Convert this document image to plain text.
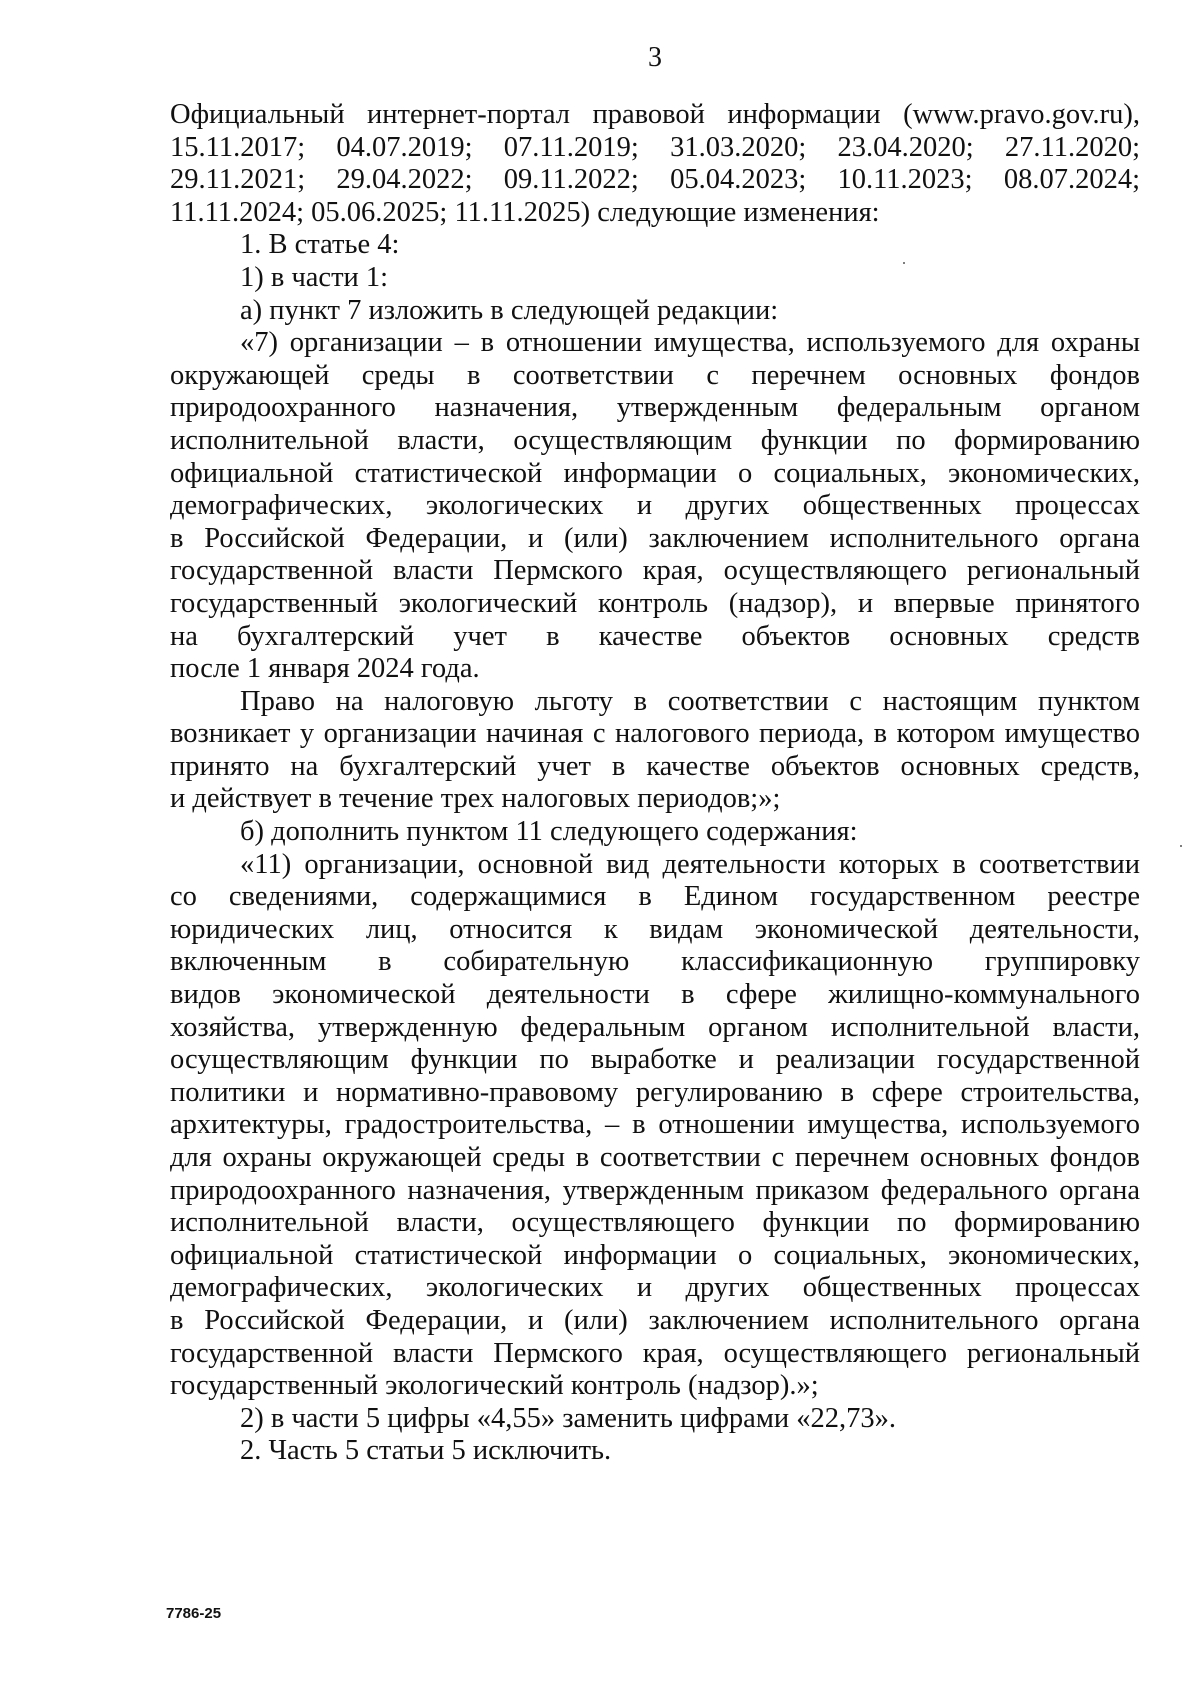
3
Официальный интернет-портал правовой информации (www.pravo.gov.ru),
15.11.2017; 04.07.2019; 07.11.2019; 31.03.2020; 23.04.2020; 27.11.2020;
29.11.2021; 29.04.2022; 09.11.2022; 05.04.2023; 10.11.2023; 08.07.2024;
11.11.2024; 05.06.2025; 11.11.2025) следующие изменения:
1. В статье 4:
1) в части 1:
а) пункт 7 изложить в следующей редакции:
«7) организации – в отношении имущества, используемого для охраны
окружающей среды в соответствии с перечнем основных фондов
природоохранного назначения, утвержденным федеральным органом
исполнительной власти, осуществляющим функции по формированию
официальной статистической информации о социальных, экономических,
демографических, экологических и других общественных процессах
в Российской Федерации, и (или) заключением исполнительного органа
государственной власти Пермского края, осуществляющего региональный
государственный экологический контроль (надзор), и впервые принятого
на бухгалтерский учет в качестве объектов основных средств
после 1 января 2024 года.
Право на налоговую льготу в соответствии с настоящим пунктом
возникает у организации начиная с налогового периода, в котором имущество
принято на бухгалтерский учет в качестве объектов основных средств,
и действует в течение трех налоговых периодов;»;
б) дополнить пунктом 11 следующего содержания:
«11) организации, основной вид деятельности которых в соответствии
со сведениями, содержащимися в Едином государственном реестре
юридических лиц, относится к видам экономической деятельности,
включенным в собирательную классификационную группировку
видов экономической деятельности в сфере жилищно-коммунального
хозяйства, утвержденную федеральным органом исполнительной власти,
осуществляющим функции по выработке и реализации государственной
политики и нормативно-правовому регулированию в сфере строительства,
архитектуры, градостроительства, – в отношении имущества, используемого
для охраны окружающей среды в соответствии с перечнем основных фондов
природоохранного назначения, утвержденным приказом федерального органа
исполнительной власти, осуществляющего функции по формированию
официальной статистической информации о социальных, экономических,
демографических, экологических и других общественных процессах
в Российской Федерации, и (или) заключением исполнительного органа
государственной власти Пермского края, осуществляющего региональный
государственный экологический контроль (надзор).»;
2) в части 5 цифры «4,55» заменить цифрами «22,73».
2. Часть 5 статьи 5 исключить.
7786-25
